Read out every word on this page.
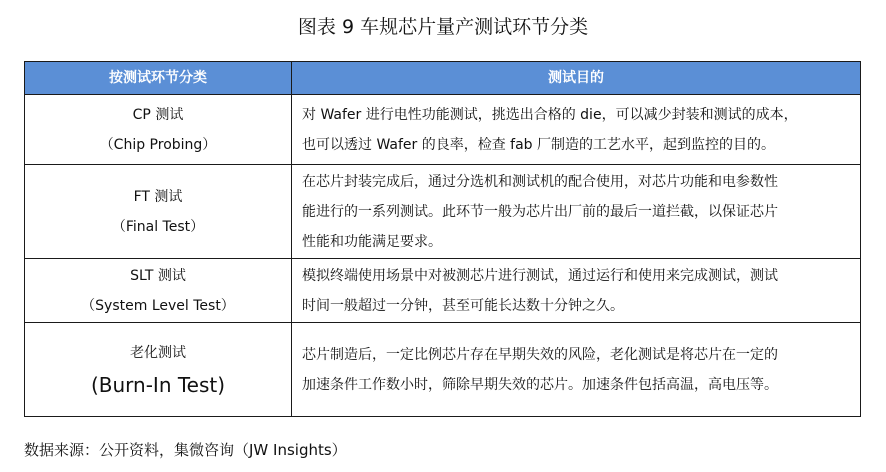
图表 9 车规芯片量产测试环节分类
按测试环节分类	测试目的

CP 测试
（Chip Probing）	对 Wafer 进行电性功能测试，挑选出合格的 die，可以减少封装和测试的成本，
也可以透过 Wafer 的良率，检查 fab 厂制造的工艺水平，起到监控的目的。

FT 测试
（Final Test）	在芯片封装完成后，通过分选机和测试机的配合使用，对芯片功能和电参数性
能进行的一系列测试。此环节一般为芯片出厂前的最后一道拦截，以保证芯片
性能和功能满足要求。

SLT 测试
（System Level Test）	模拟终端使用场景中对被测芯片进行测试，通过运行和使用来完成测试，测试
时间一般超过一分钟，甚至可能长达数十分钟之久。

老化测试
(Burn-In Test)	芯片制造后，一定比例芯片存在早期失效的风险，老化测试是将芯片在一定的
加速条件工作数小时，筛除早期失效的芯片。加速条件包括高温，高电压等。
数据来源：公开资料，集微咨询（JW Insights）
